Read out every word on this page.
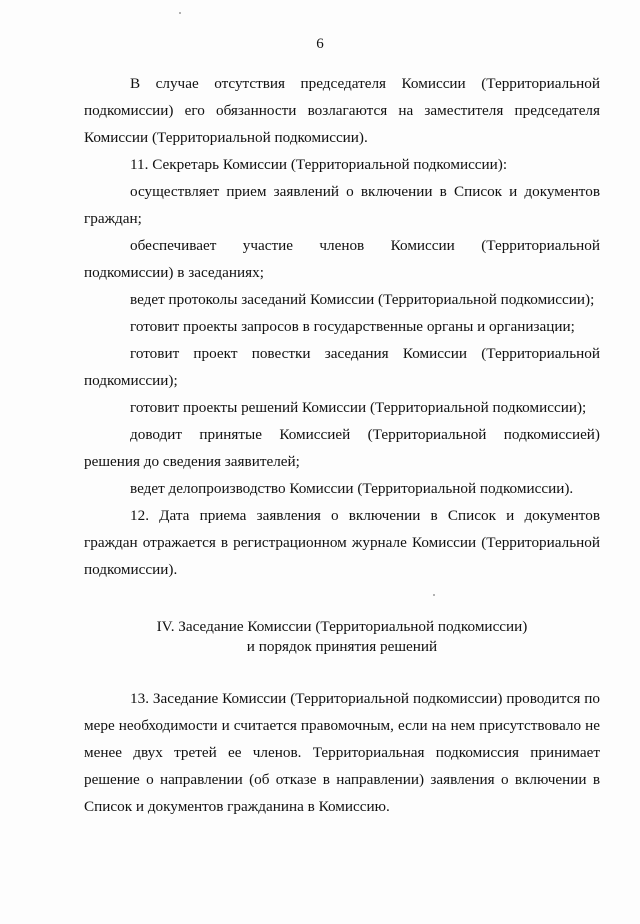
6

В случае отсутствия председателя Комиссии (Территориальной подкомиссии) его обязанности возлагаются на заместителя председателя Комиссии (Территориальной подкомиссии).

11. Секретарь Комиссии (Территориальной подкомиссии):

осуществляет прием заявлений о включении в Список и документов граждан;

обеспечивает участие членов Комиссии (Территориальной подкомиссии) в заседаниях;

ведет протоколы заседаний Комиссии (Территориальной подкомиссии);

готовит проекты запросов в государственные органы и организации;

готовит проект повестки заседания Комиссии (Территориальной подкомиссии);

готовит проекты решений Комиссии (Территориальной подкомиссии);

доводит принятые Комиссией (Территориальной подкомиссией) решения до сведения заявителей;

ведет делопроизводство Комиссии (Территориальной подкомиссии).

12. Дата приема заявления о включении в Список и документов граждан отражается в регистрационном журнале Комиссии (Территориальной подкомиссии).

IV. Заседание Комиссии (Территориальной подкомиссии)
и порядок принятия решений

13. Заседание Комиссии (Территориальной подкомиссии) проводится по мере необходимости и считается правомочным, если на нем присутствовало не менее двух третей ее членов. Территориальная подкомиссия принимает решение о направлении (об отказе в направлении) заявления о включении в Список и документов гражданина в Комиссию.
